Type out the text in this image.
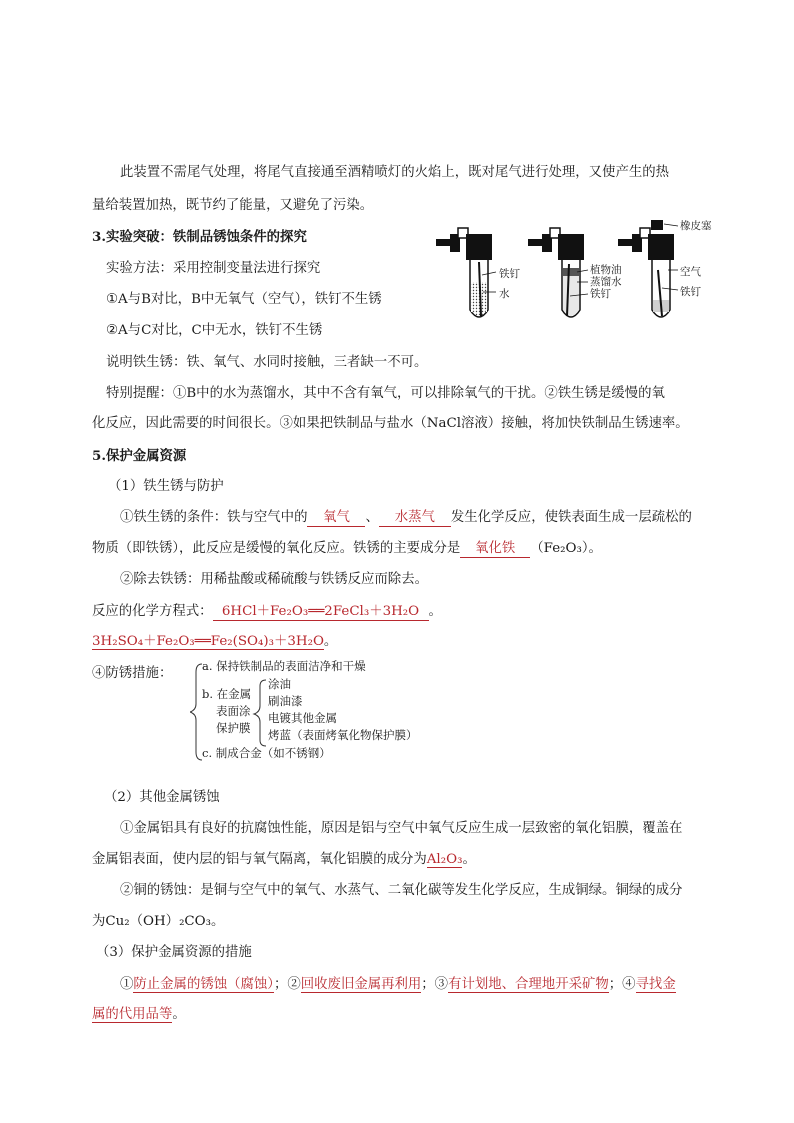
此装置不需尾气处理，将尾气直接通至酒精喷灯的火焰上，既对尾气进行处理，又使产生的热
量给装置加热，既节约了能量，又避免了污染。
3.实验突破：铁制品锈蚀条件的探究
实验方法：采用控制变量法进行探究
①A与B对比，B中无氧气（空气），铁钉不生锈
②A与C对比，C中无水，铁钉不生锈
说明铁生锈：铁、氧气、水同时接触，三者缺一不可。
特别提醒：①B中的水为蒸馏水，其中不含有氧气，可以排除氧气的干扰。②铁生锈是缓慢的氧
化反应，因此需要的时间很长。③如果把铁制品与盐水（NaCl溶液）接触，将加快铁制品生锈速率。
铁钉
水
植物油
蒸馏水
铁钉
橡皮塞
空气
铁钉
5.保护金属资源
（1）铁生锈与防护
①铁生锈的条件：铁与空气中的 氧气 、 水蒸气 发生化学反应，使铁表面生成一层疏松的
物质（即铁锈），此反应是缓慢的氧化反应。铁锈的主要成分是 氧化铁 （Fe₂O₃）。
②除去铁锈：用稀盐酸或稀硫酸与铁锈反应而除去。
反应的化学方程式： 6HCl＋Fe₂O₃══2FeCl₃＋3H₂O 。
3H₂SO₄＋Fe₂O₃══Fe₂(SO₄)₃＋3H₂O。
④防锈措施：	a. 保持铁制品的表面洁净和干燥
b. 在金属
表面涂
保护膜
涂油
刷油漆
电镀其他金属
烤蓝（表面烤氧化物保护膜）
c. 制成合金（如不锈钢）
（2）其他金属锈蚀
①金属铝具有良好的抗腐蚀性能，原因是铝与空气中氧气反应生成一层致密的氧化铝膜，覆盖在
金属铝表面，使内层的铝与氧气隔离，氧化铝膜的成分为Al₂O₃。
②铜的锈蚀：是铜与空气中的氧气、水蒸气、二氧化碳等发生化学反应，生成铜绿。铜绿的成分
为Cu₂（OH）₂CO₃。
（3）保护金属资源的措施
①防止金属的锈蚀（腐蚀）；②回收废旧金属再利用；③有计划地、合理地开采矿物；④寻找金
属的代用品等。
